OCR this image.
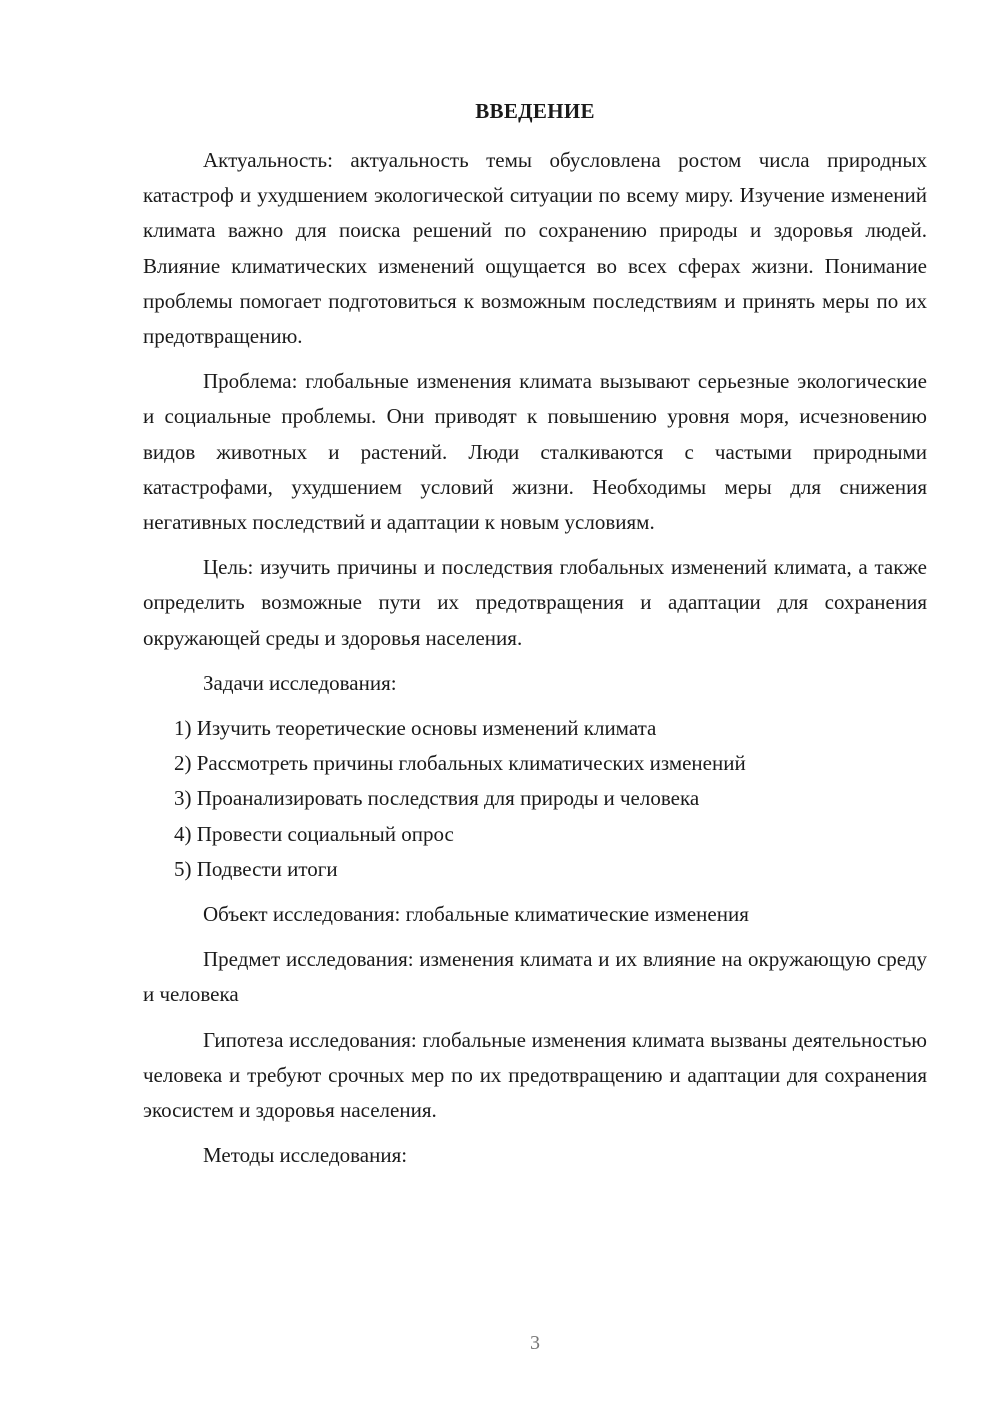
ВВЕДЕНИЕ

Актуальность: актуальность темы обусловлена ростом числа природных катастроф и ухудшением экологической ситуации по всему миру. Изучение изменений климата важно для поиска решений по сохранению природы и здоровья людей. Влияние климатических изменений ощущается во всех сферах жизни. Понимание проблемы помогает подготовиться к возможным последствиям и принять меры по их предотвращению.

Проблема: глобальные изменения климата вызывают серьезные экологические и социальные проблемы. Они приводят к повышению уровня моря, исчезновению видов животных и растений. Люди сталкиваются с частыми природными катастрофами, ухудшением условий жизни. Необходимы меры для снижения негативных последствий и адаптации к новым условиям.

Цель: изучить причины и последствия глобальных изменений климата, а также определить возможные пути их предотвращения и адаптации для сохранения окружающей среды и здоровья населения.

Задачи исследования:

1) Изучить теоретические основы изменений климата

2) Рассмотреть причины глобальных климатических изменений

3) Проанализировать последствия для природы и человека

4) Провести социальный опрос

5) Подвести итоги

Объект исследования: глобальные климатические изменения

Предмет исследования: изменения климата и их влияние на окружающую среду и человека

Гипотеза исследования: глобальные изменения климата вызваны деятельностью человека и требуют срочных мер по их предотвращению и адаптации для сохранения экосистем и здоровья населения.

Методы исследования:

3
